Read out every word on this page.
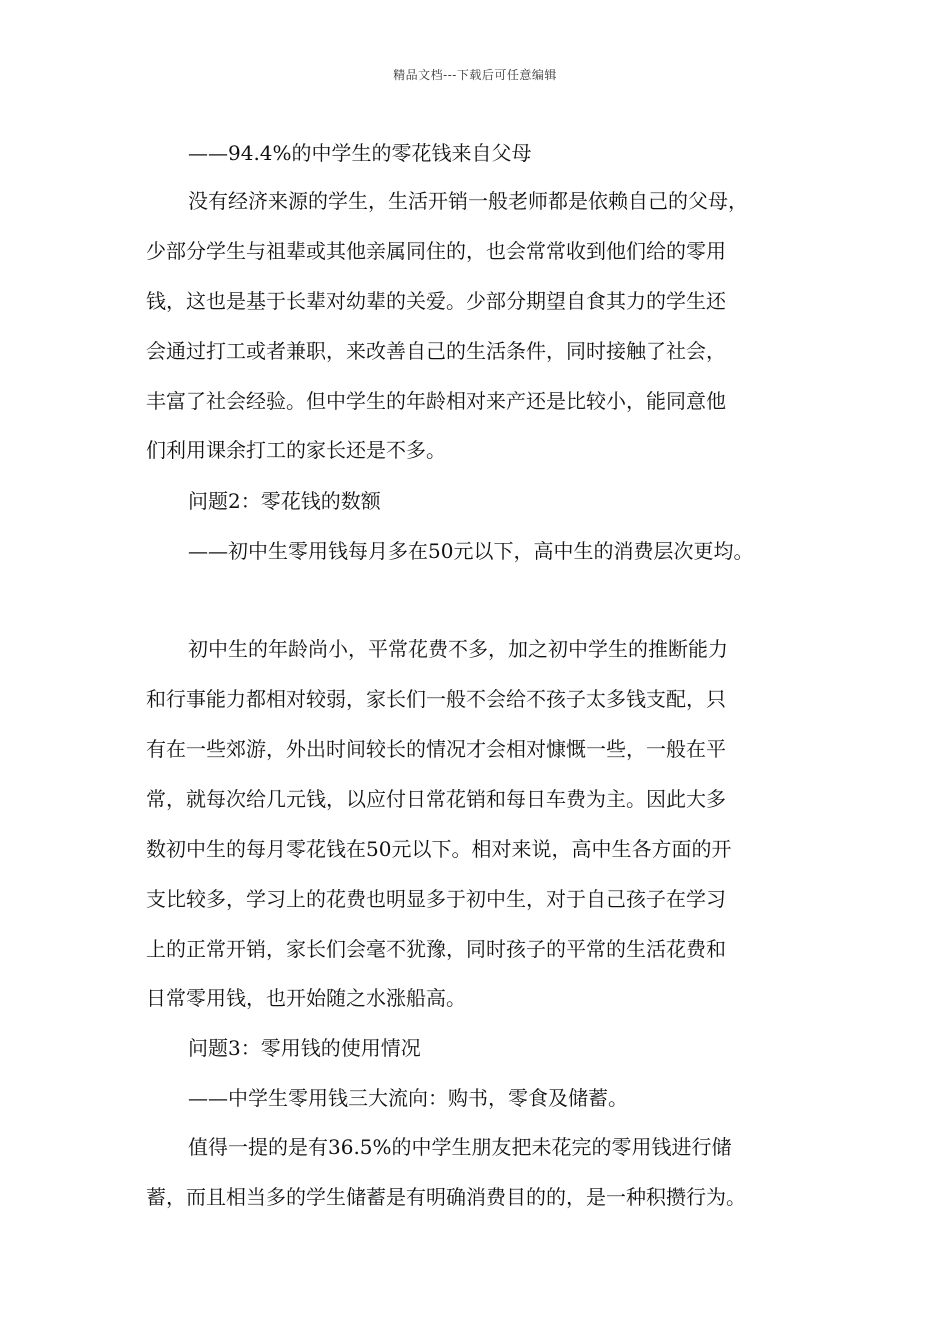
精品文档---下载后可任意编辑
——94.4%的中学生的零花钱来自父母
没有经济来源的学生，生活开销一般老师都是依赖自己的父母，
少部分学生与祖辈或其他亲属同住的，也会常常收到他们给的零用
钱，这也是基于长辈对幼辈的关爱。少部分期望自食其力的学生还
会通过打工或者兼职，来改善自己的生活条件，同时接触了社会，
丰富了社会经验。但中学生的年龄相对来产还是比较小，能同意他
们利用课余打工的家长还是不多。
问题2：零花钱的数额
——初中生零用钱每月多在50元以下，高中生的消费层次更均。
初中生的年龄尚小，平常花费不多，加之初中学生的推断能力
和行事能力都相对较弱，家长们一般不会给不孩子太多钱支配，只
有在一些郊游，外出时间较长的情况才会相对慷慨一些，一般在平
常，就每次给几元钱，以应付日常花销和每日车费为主。因此大多
数初中生的每月零花钱在50元以下。相对来说，高中生各方面的开
支比较多，学习上的花费也明显多于初中生，对于自己孩子在学习
上的正常开销，家长们会毫不犹豫，同时孩子的平常的生活花费和
日常零用钱，也开始随之水涨船高。
问题3：零用钱的使用情况
——中学生零用钱三大流向：购书，零食及储蓄。
值得一提的是有36.5%的中学生朋友把未花完的零用钱进行储
蓄，而且相当多的学生储蓄是有明确消费目的的，是一种积攒行为。
